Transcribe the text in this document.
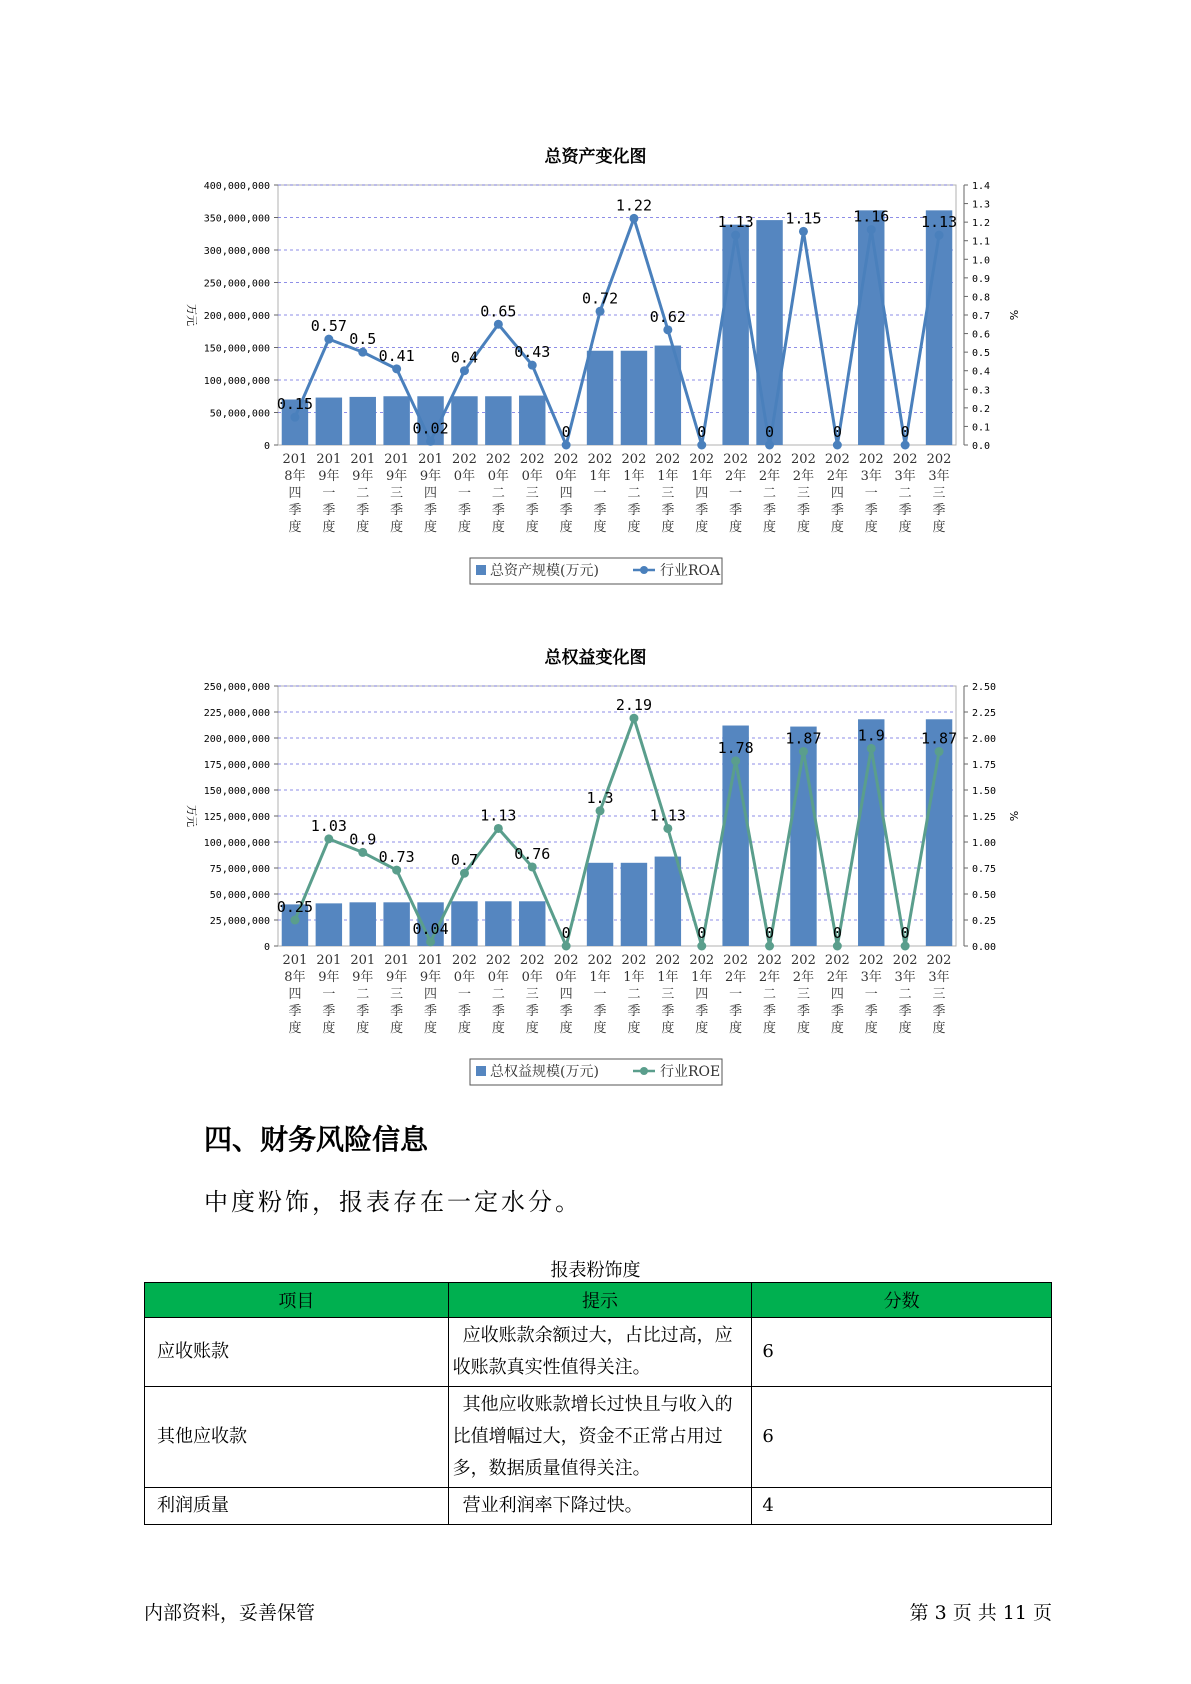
总资产变化图
0
50,000,000
100,000,000
150,000,000
200,000,000
250,000,000
300,000,000
350,000,000
400,000,000
0.0
0.1
0.2
0.3
0.4
0.5
0.6
0.7
0.8
0.9
1.0
1.1
1.2
1.3
1.4
万元	%
0.15
0.57
0.5
0.41
0.02
0.4
0.65
0.43
0
0.72
1.22
0.62
0
1.13
0
1.15
0
1.16
0
1.13
201 8年四季度
201 9年一季度
201 9年二季度
201 9年三季度
201 9年四季度
202 0年一季度
202 0年二季度
202 0年三季度
202 0年四季度
202 1年一季度
202 1年二季度
202 1年三季度
202 1年四季度
202 2年一季度
202 2年二季度
202 2年三季度
202 2年四季度
202 3年一季度
202 3年二季度
202 3年三季度
总资产规模(万元)	行业ROA
总权益变化图
0
25,000,000
50,000,000
75,000,000
100,000,000
125,000,000
150,000,000
175,000,000
200,000,000
225,000,000
250,000,000
0.00
0.25
0.50
0.75
1.00
1.25
1.50
1.75
2.00
2.25
2.50
万元	%
0.25
1.03
0.9
0.73
0.04
0.7
1.13
0.76
0
1.3
2.19
1.13
0
1.78
0
1.87
0
1.9
0
1.87
201 8年四季度
201 9年一季度
201 9年二季度
201 9年三季度
201 9年四季度
202 0年一季度
202 0年二季度
202 0年三季度
202 0年四季度
202 1年一季度
202 1年二季度
202 1年三季度
202 1年四季度
202 2年一季度
202 2年二季度
202 2年三季度
202 2年四季度
202 3年一季度
202 3年二季度
202 3年三季度
总权益规模(万元)	行业ROE
四、财务风险信息

中度粉饰，报表存在一定水分。

报表粉饰度
项目	提示	分数
应收账款	应收账款余额过大，占比过高，应收账款真实性值得关注。	6
其他应收款	其他应收账款增长过快且与收入的比值增幅过大，资金不正常占用过多，数据质量值得关注。	6
利润质量	营业利润率下降过快。	4
内部资料，妥善保管	第 3 页 共 11 页
